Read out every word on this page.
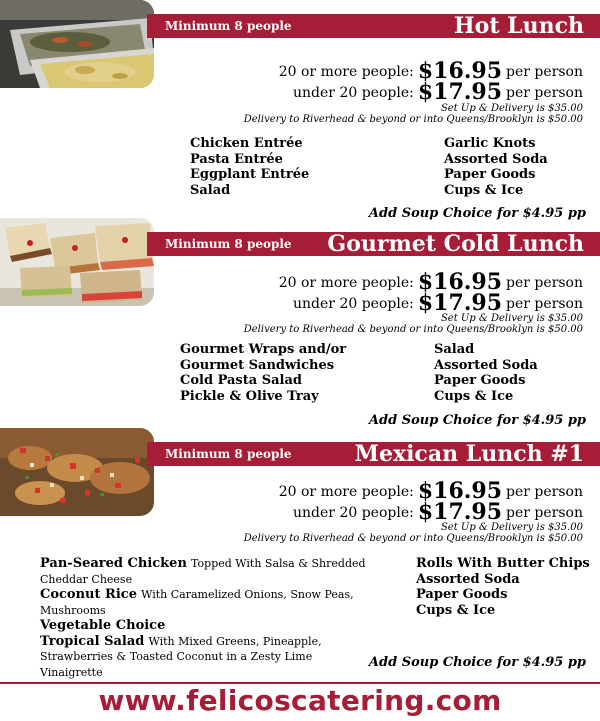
Minimum 8 people	Hot Lunch
20 or more people: $16.95 per person
under 20 people: $17.95 per person
Set Up & Delivery is $35.00
Delivery to Riverhead & beyond or into Queens/Brooklyn is $50.00
Chicken Entrée
Pasta Entrée
Eggplant Entrée
Salad
Garlic Knots
Assorted Soda
Paper Goods
Cups & Ice
Add Soup Choice for $4.95 pp
Minimum 8 people Gourmet Cold Lunch
20 or more people: $16.95 per person
under 20 people: $17.95 per person
Set Up & Delivery is $35.00
Delivery to Riverhead & beyond or into Queens/Brooklyn is $50.00
Gourmet Wraps and/or
Gourmet Sandwiches
Cold Pasta Salad
Pickle & Olive Tray
Salad
Assorted Soda
Paper Goods
Cups & Ice
Add Soup Choice for $4.95 pp
Minimum 8 people	Mexican Lunch #1
20 or more people: $16.95 per person
under 20 people: $17.95 per person
Set Up & Delivery is $35.00
Delivery to Riverhead & beyond or into Queens/Brooklyn is $50.00
Pan-Seared Chicken Topped With Salsa & Shredded Cheddar Cheese
Coconut Rice With Caramelized Onions, Snow Peas, Mushrooms
Vegetable Choice
Tropical Salad With Mixed Greens, Pineapple, Strawberries & Toasted Coconut in a Zesty Lime Vinaigrette
Rolls With Butter Chips
Assorted Soda
Paper Goods
Cups & Ice
Add Soup Choice for $4.95 pp
www.felicoscatering.com
